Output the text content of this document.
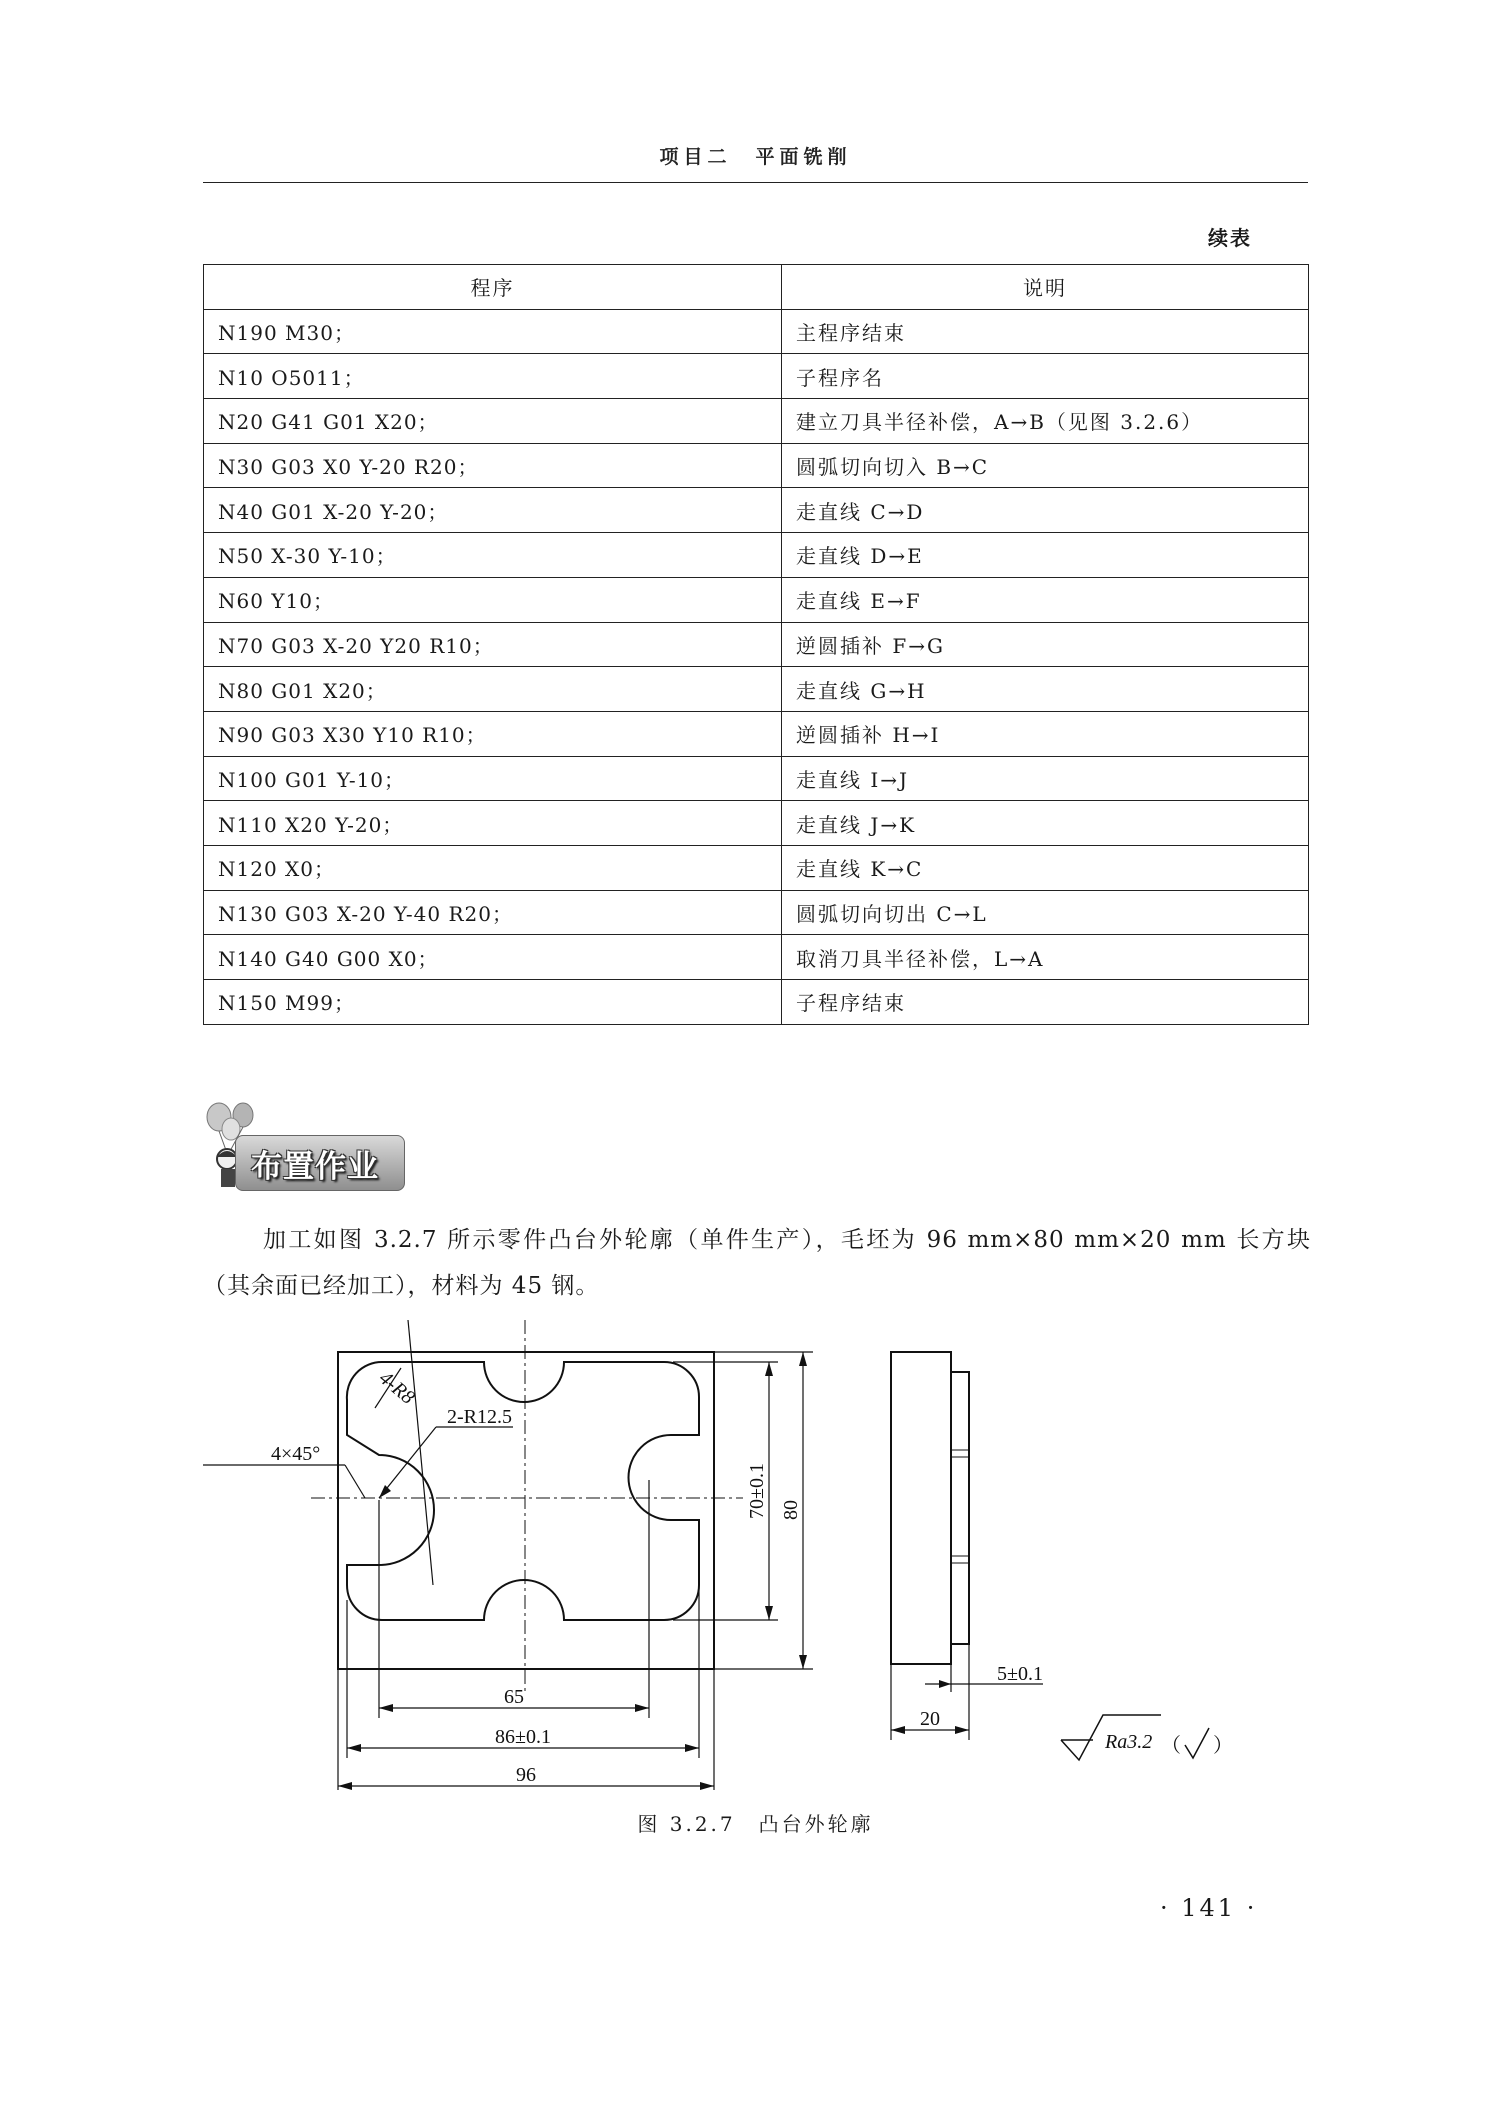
项目二　平面铣削
续表
程序	说明
N190 M30；	主程序结束
N10 O5011；	子程序名
N20 G41 G01 X20；	建立刀具半径补偿，A→B（见图 3.2.6）
N30 G03 X0 Y-20 R20；	圆弧切向切入 B→C
N40 G01 X-20 Y-20；	走直线 C→D
N50 X-30 Y-10；	走直线 D→E
N60 Y10；	走直线 E→F
N70 G03 X-20 Y20 R10；	逆圆插补 F→G
N80 G01 X20；	走直线 G→H
N90 G03 X30 Y10 R10；	逆圆插补 H→I
N100 G01 Y-10；	走直线 I→J
N110 X20 Y-20；	走直线 J→K
N120 X0；	走直线 K→C
N130 G03 X-20 Y-40 R20；	圆弧切向切出 C→L
N140 G40 G00 X0；	取消刀具半径补偿，L→A
N150 M99；	子程序结束
布置作业
加工如图 3.2.7 所示零件凸台外轮廓（单件生产），毛坯为 96 mm×80 mm×20 mm 长方块（其余面已经加工），材料为 45 钢。
4×45°
4-R8
2-R12.5
65
86±0.1
96
70±0.1 80
5±0.1
20
Ra3.2 （ ）
图 3.2.7　凸台外轮廓
· 141 ·
